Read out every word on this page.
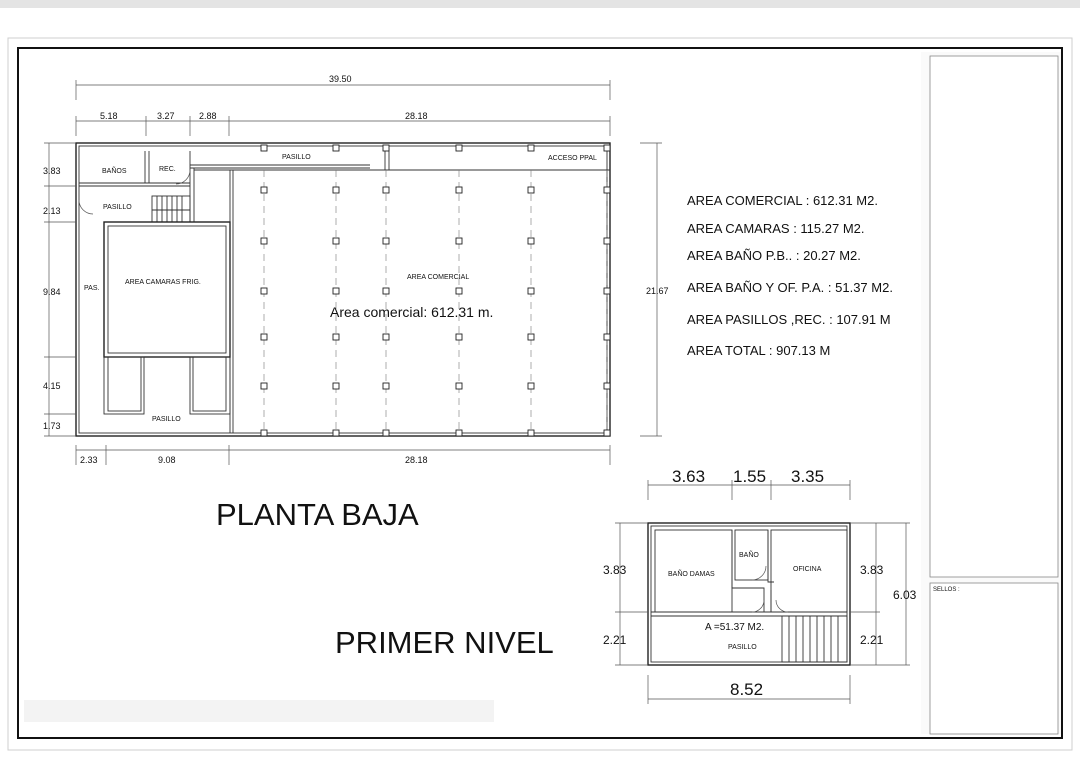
SELLOS :
BAÑOS	REC.
PASILLO
PASILLO
ACCESO PPAL
AREA CAMARAS FRIG.
PAS.
AREA COMERCIAL
PASILLO
Area comercial: 612.31 m.
39.50
5.18	3.27	2.88	28.18
3.83
2.13
9.84
4.15
1.73
2.33	9.08	28.18
21.67
PLANTA BAJA
AREA COMERCIAL : 612.31 M2.
AREA CAMARAS : 115.27 M2.
AREA BAÑO P.B.. : 20.27 M2.
AREA BAÑO Y OF. P.A. : 51.37 M2.
AREA PASILLOS ,REC. : 107.91 M
AREA TOTAL : 907.13 M
BAÑO DAMAS
BAÑO
OFICINA
A =51.37 M2.
PASILLO
3.63 1.55 3.35
8.52
3.83
2.21
3.83
2.21
6.03
PRIMER NIVEL
